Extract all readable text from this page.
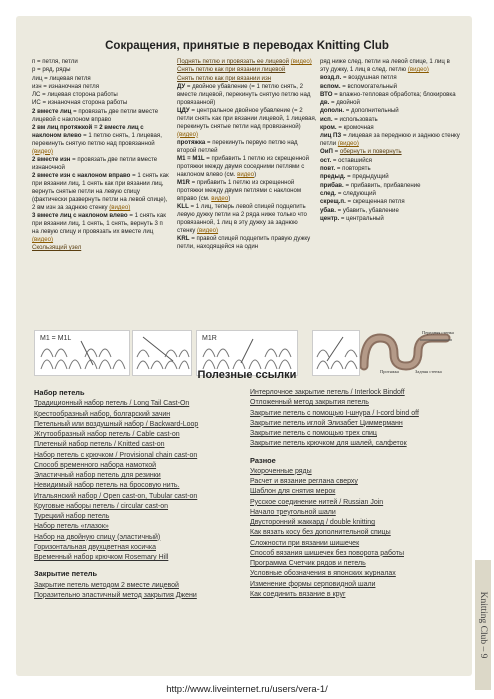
Сокращения, принятые в переводах Knitting Club

п = петля, петли

р = ряд, ряды

лиц = лицевая петля

изн = изнаночная петля

ЛС = лицевая сторона работы

ИС = изнаночная сторона работы

2 вместе лиц = провязать две петли вместе лицевой с наклоном вправо

2 вм лиц протяжкой = 2 вместе лиц с наклоном влево = 1 петлю снять, 1 лицевая, перекинуть снятую петлю над провязанной (видео)

2 вместе изн = провязать две петли вместе изнаночной

2 вместе изн с наклоном вправо = 1 снять как при вязании лиц, 1 снять как при вязании лиц, вернуть снятые петли на левую спицу (фактически развернуть петли на левой спице), 2 вм изн за заднюю стенку (видео)

3 вместе лиц с наклоном влево = 1 снять как при вязании лиц, 1 снять, 1 снять, вернуть 3 п на левую спицу и провязать их вместе лиц (видео)

Скользящий узел

Поднять петлю и провязать ее лицевой (видео)

Снять петлю как при вязании лицевой

Снять петлю как при вязании изн

ДУ = двойное убавление (= 1 петлю снять, 2 вместе лицевой, перекинуть снятую петлю над провязанной)

ЦДУ = центральное двойное убавление (= 2 петли снять как при вязании лицевой, 1 лицевая, перекинуть снятые петли над провязанной) (видео)

протяжка = перекинуть первую петлю над второй петлей

M1 = M1L = прибавить 1 петлю из скрещенной протяжки между двумя соседними петлями с наклоном влево (см. видео)

M1R = прибавить 1 петлю из скрещенной протяжки между двумя петлями с наклоном вправо (см. видео)

KLL = 1 лиц, теперь левой спицей подцепить левую дужку петли на 2 ряда ниже только что провязанной, 1 лиц в эту дужку за заднюю стенку (видео)

KRL = правой спицей подцепить правую дужку петли, находящейся на один

ряд ниже след. петли на левой спице, 1 лиц в эту дужку, 1 лиц в след. петлю (видео)

возд.п. = воздушная петля

вспом. = вспомогательный

ВТО = влажно-тепловая обработка; блокировка

дв. = двойной

дополн. = дополнительный

исп. = использовать

кром. = кромочная

лиц ПЗ = лицевая за переднюю и заднюю стенку петли (видео)

ОиП = обернуть и повернуть

ост. = оставшийся

повт. = повторять

предыд. = предыдущий

прибав. = прибавить, прибавление

след. = следующий

скрещ.п. = скрещенная петля

убав. = убавить, убавление

центр. = центральный

M1 = M1L	M1R
Передняя стенка
Протяжка	Задняя стенка
Полезные ссылки
Набор петель
Традиционный набор петель / Long Tail Cast-On
Крестообразный набор, болгарский зачин
Петельный или воздушный набор / Backward-Loop
Жгутообразный набор петель / Cable cast-on
Плетеный набор петель / Knitted cast-on
Набор петель с крючком / Provisional chain cast-on
Способ временного набора намоткой
Эластичный набор петель для резинки
Невидимый набор петель на бросовую нить.
Итальянский набор / Open cast-on, Tubular cast-on
Круговые наборы петель / circular cast-on
Турецкий набор петель
Набор петель «глазок»
Набор на двойную спицу (эластичный)
Горизонтальная двухцветная косичка
Временный набор крючком Rosemary Hill
Закрытие петель
Закрытие петель методом 2 вместе лицевой
Поразительно эластичный метод закрытия Джени
Интерлочное закрытие петель / Interlock Bindoff
Отложенный метод закрытия петель
Закрытие петель с помощью I-шнура / I-cord bind off
Закрытие петель иглой Элизабет Циммерманн
Закрытие петель с помощью трех спиц
Закрытие петель крючком для шалей, салфеток
Разное
Укороченные ряды
Расчет и вязание реглана сверху
Шаблон для снятия мерок
Русское соединение нитей / Russian Join
Начало треугольной шали
Двусторонний жаккард / double knitting
Как вязать косу без дополнительной спицы
Сложности при вязании шишечек
Способ вязания шишечек без поворота работы
Программа Счетчик рядов и петель
Условные обозначения в японских журналах
Изменение формы серповидной шали
Как соединить вязание в круг	Knitting Club – 9
http://www.liveinternet.ru/users/vera-1/
